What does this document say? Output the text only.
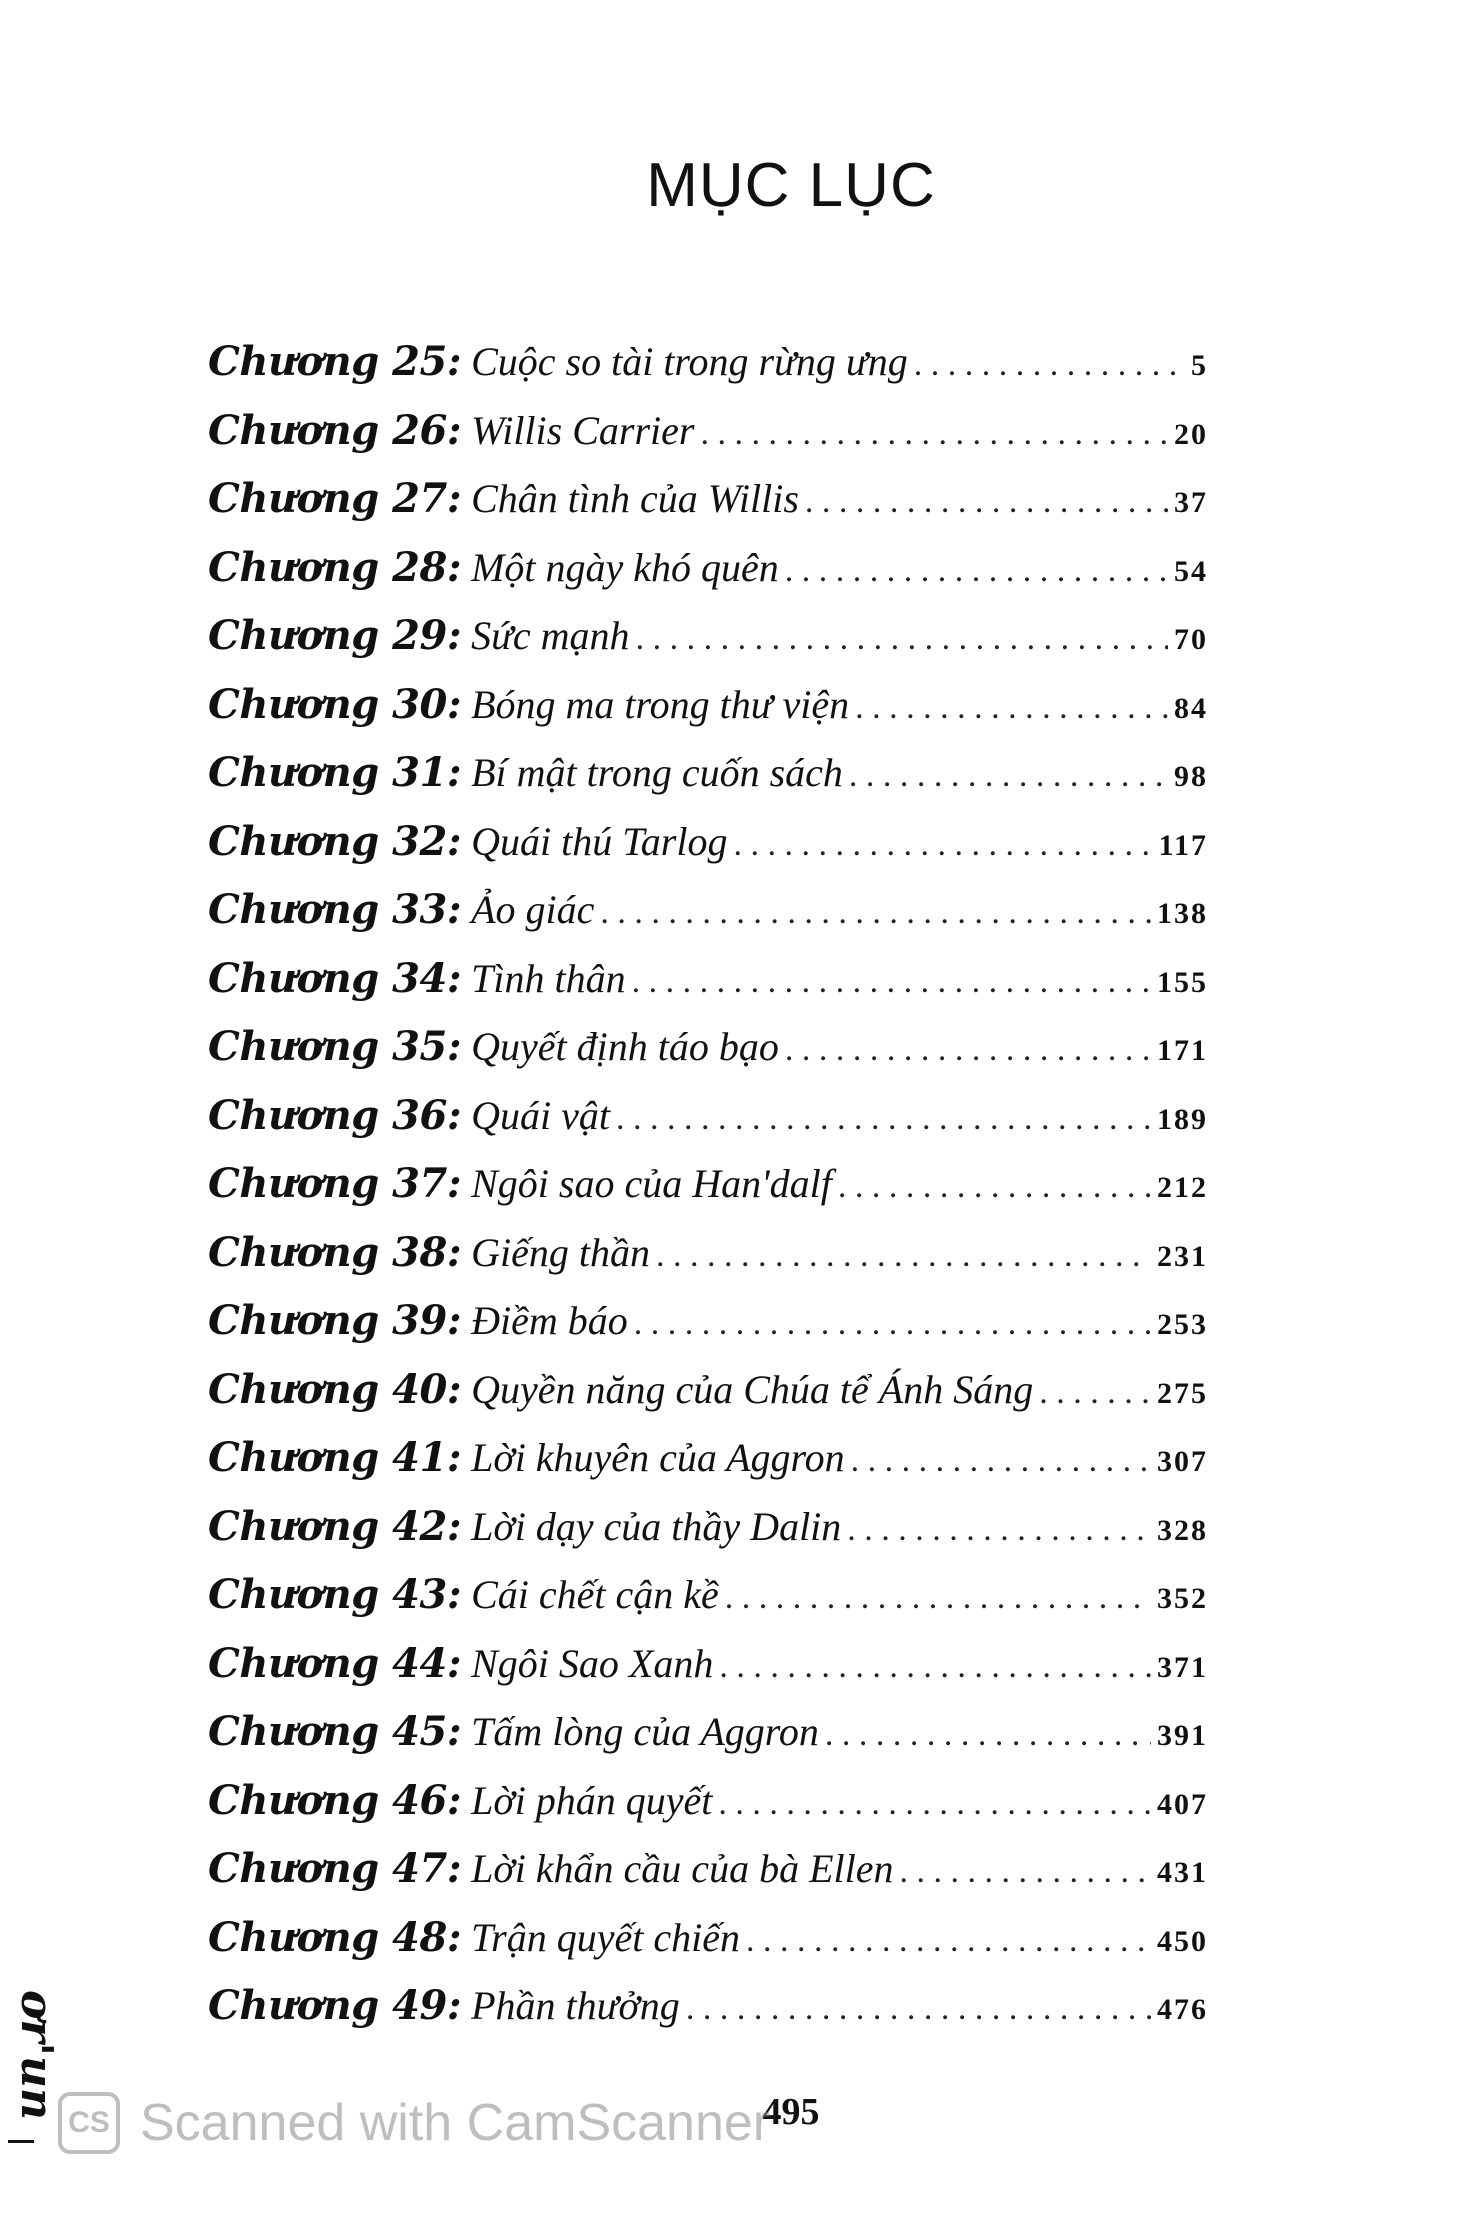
MỤC LỤC
Chương 25: Cuộc so tài trong rừng ưng . . .	5
Chương 26: Willis Carrier . . .	20
Chương 27: Chân tình của Willis . . .	37
Chương 28: Một ngày khó quên . . .	54
Chương 29: Sức mạnh . . .	70
Chương 30: Bóng ma trong thư viện . . .	84
Chương 31: Bí mật trong cuốn sách . . .	98
Chương 32: Quái thú Tarlog . . .	117
Chương 33: Ảo giác . . .	138
Chương 34: Tình thân . . .	155
Chương 35: Quyết định táo bạo . . .	171
Chương 36: Quái vật . . .	189
Chương 37: Ngôi sao của Han'dalf . . .	212
Chương 38: Giếng thần . . .	231
Chương 39: Điềm báo . . .	253
Chương 40: Quyền năng của Chúa tể Ánh Sáng . . .	275
Chương 41: Lời khuyên của Aggron . . .	307
Chương 42: Lời dạy của thầy Dalin . . .	328
Chương 43: Cái chết cận kề . . .	352
Chương 44: Ngôi Sao Xanh . . .	371
Chương 45: Tấm lòng của Aggron . . .	391
Chương 46: Lời phán quyết . . .	407
Chương 47: Lời khẩn cầu của bà Ellen . . .	431
Chương 48: Trận quyết chiến . . .	450
Chương 49: Phần thưởng . . .	476
ơr'un	495
CS Scanned with CamScanner
